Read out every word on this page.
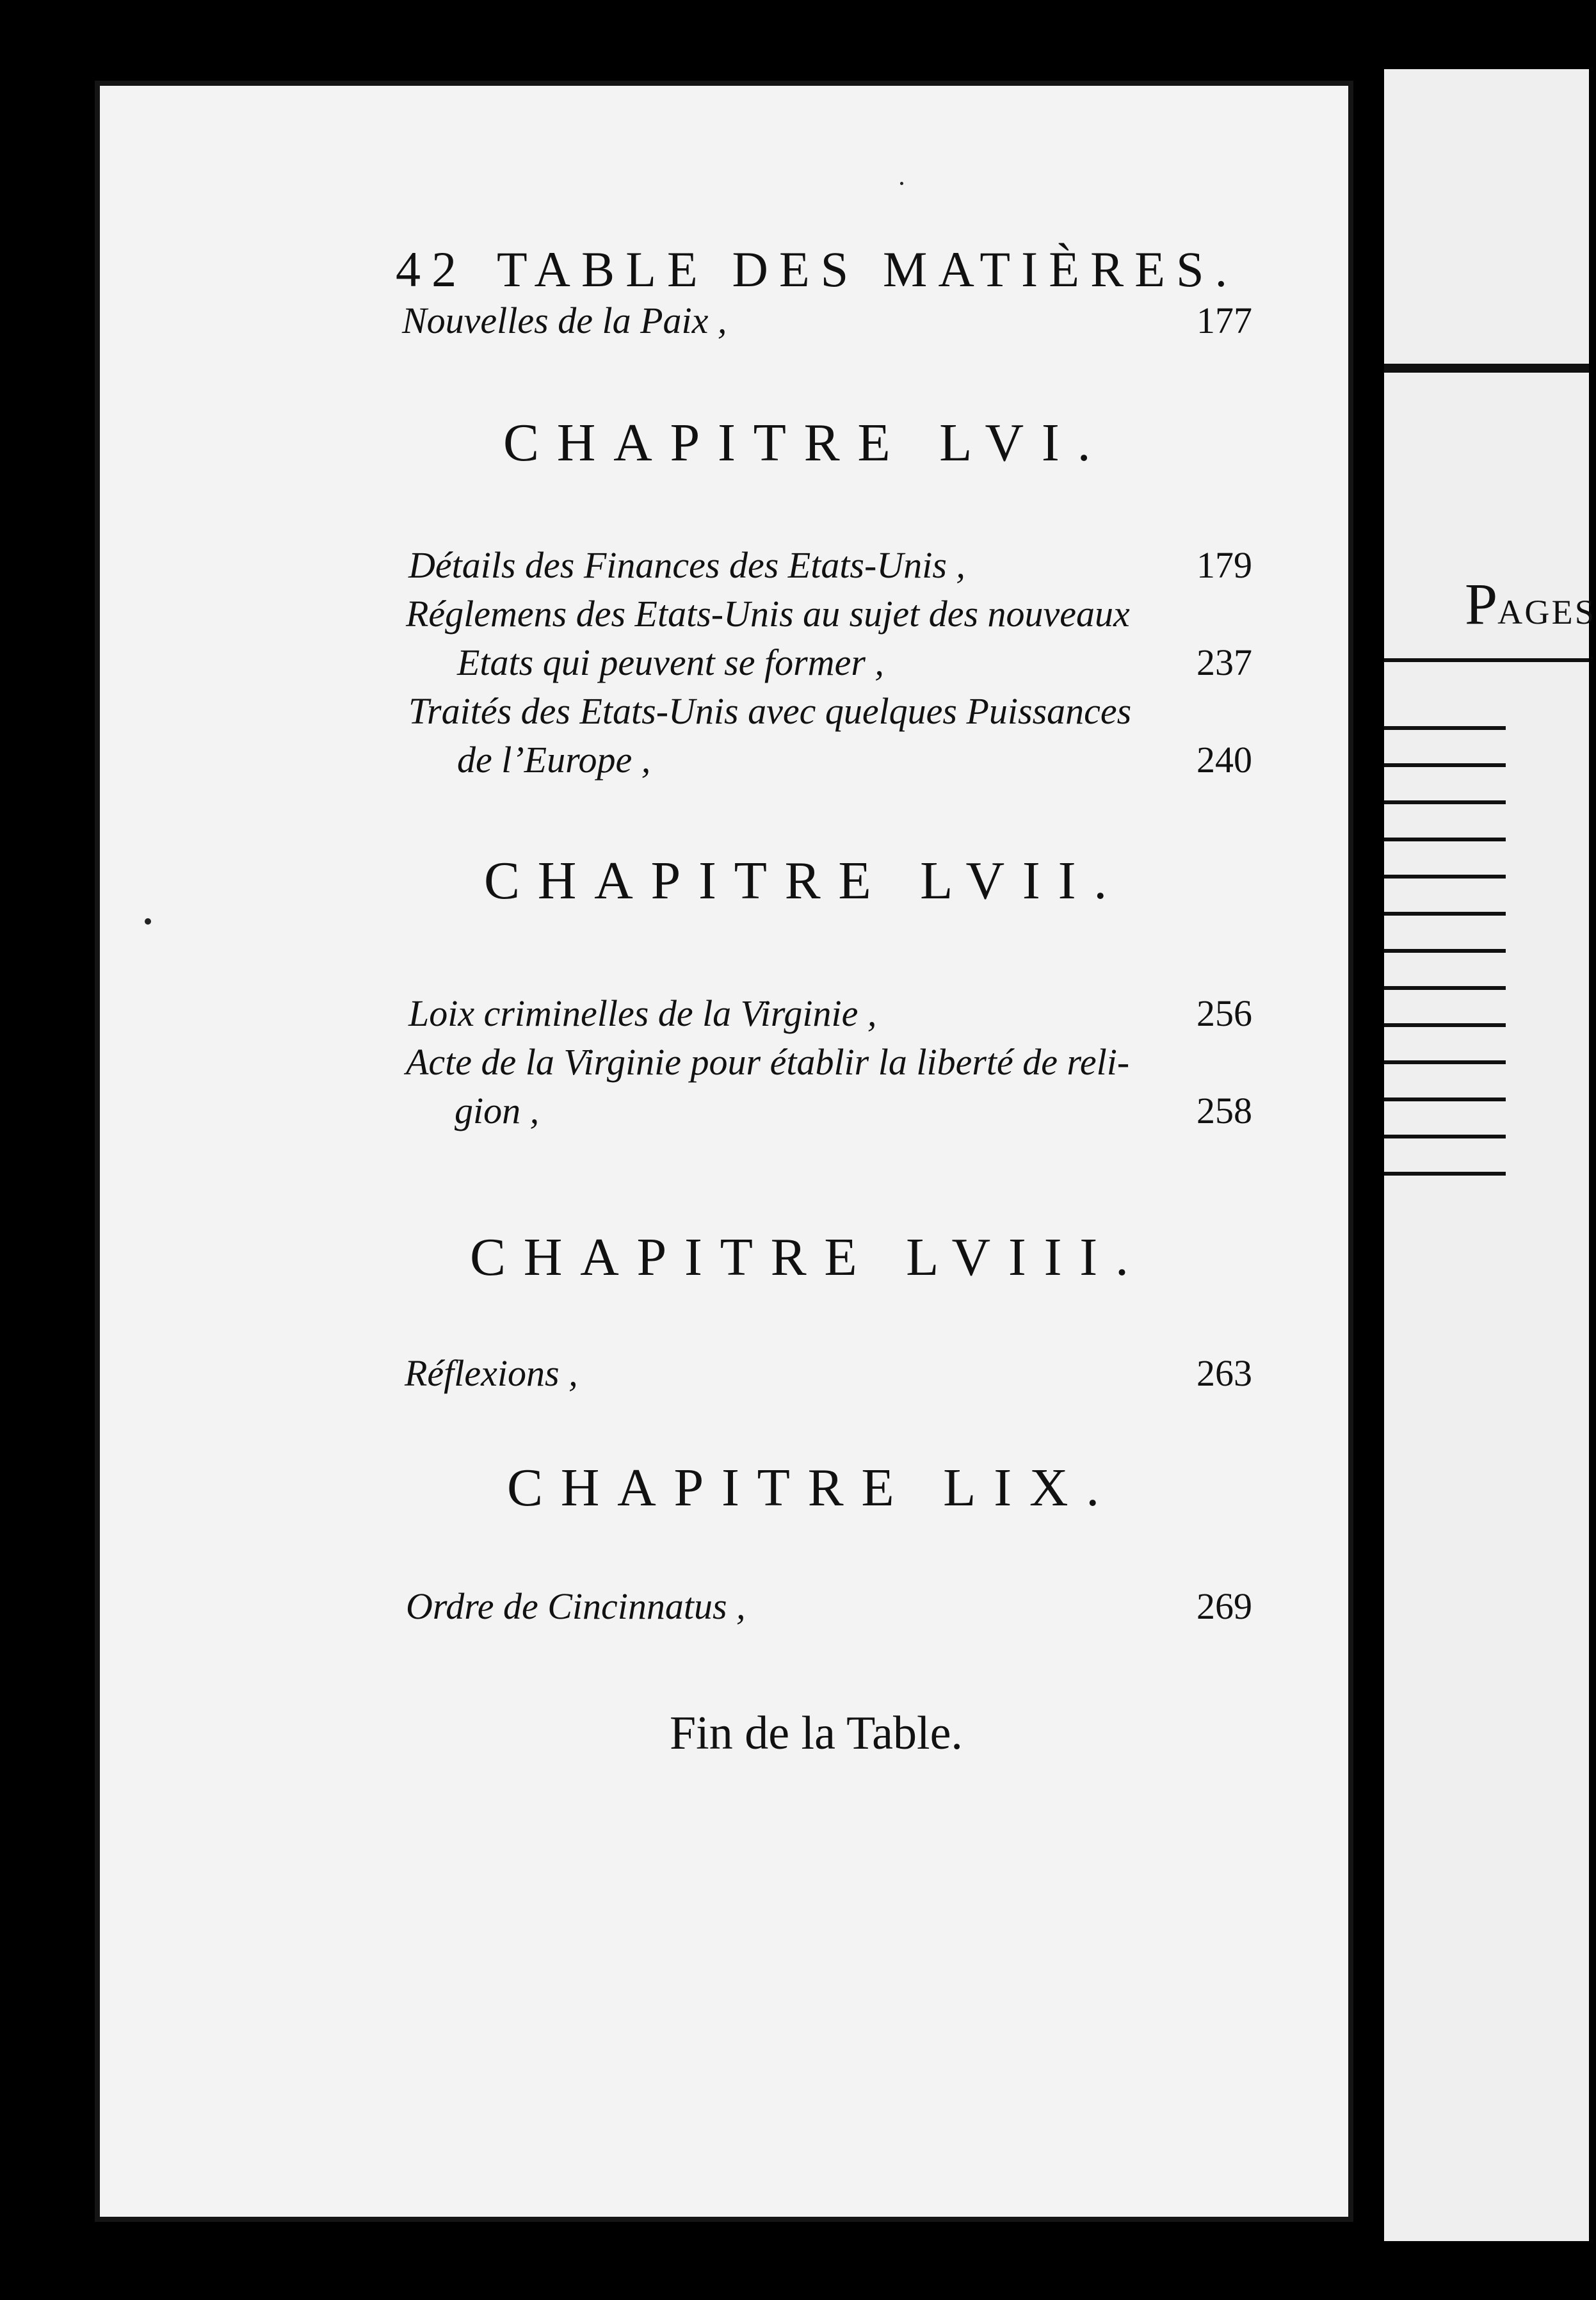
42 TABLE DES MATIÈRES.
Nouvelles de la Paix ,	177
CHAPITRE LVI.
Détails des Finances des Etats-Unis ,	179
Réglemens des Etats-Unis au sujet des nouveaux
Etats qui peuvent se former ,	237
Traités des Etats-Unis avec quelques Puissances
de l’Europe ,	240
CHAPITRE LVII.
Loix criminelles de la Virginie ,	256
Acte de la Virginie pour établir la liberté de reli-
gion ,	258
CHAPITRE LVIII.
Réflexions ,	263
CHAPITRE LIX.
Ordre de Cincinnatus ,	269
Fin de la Table.
PAGES
